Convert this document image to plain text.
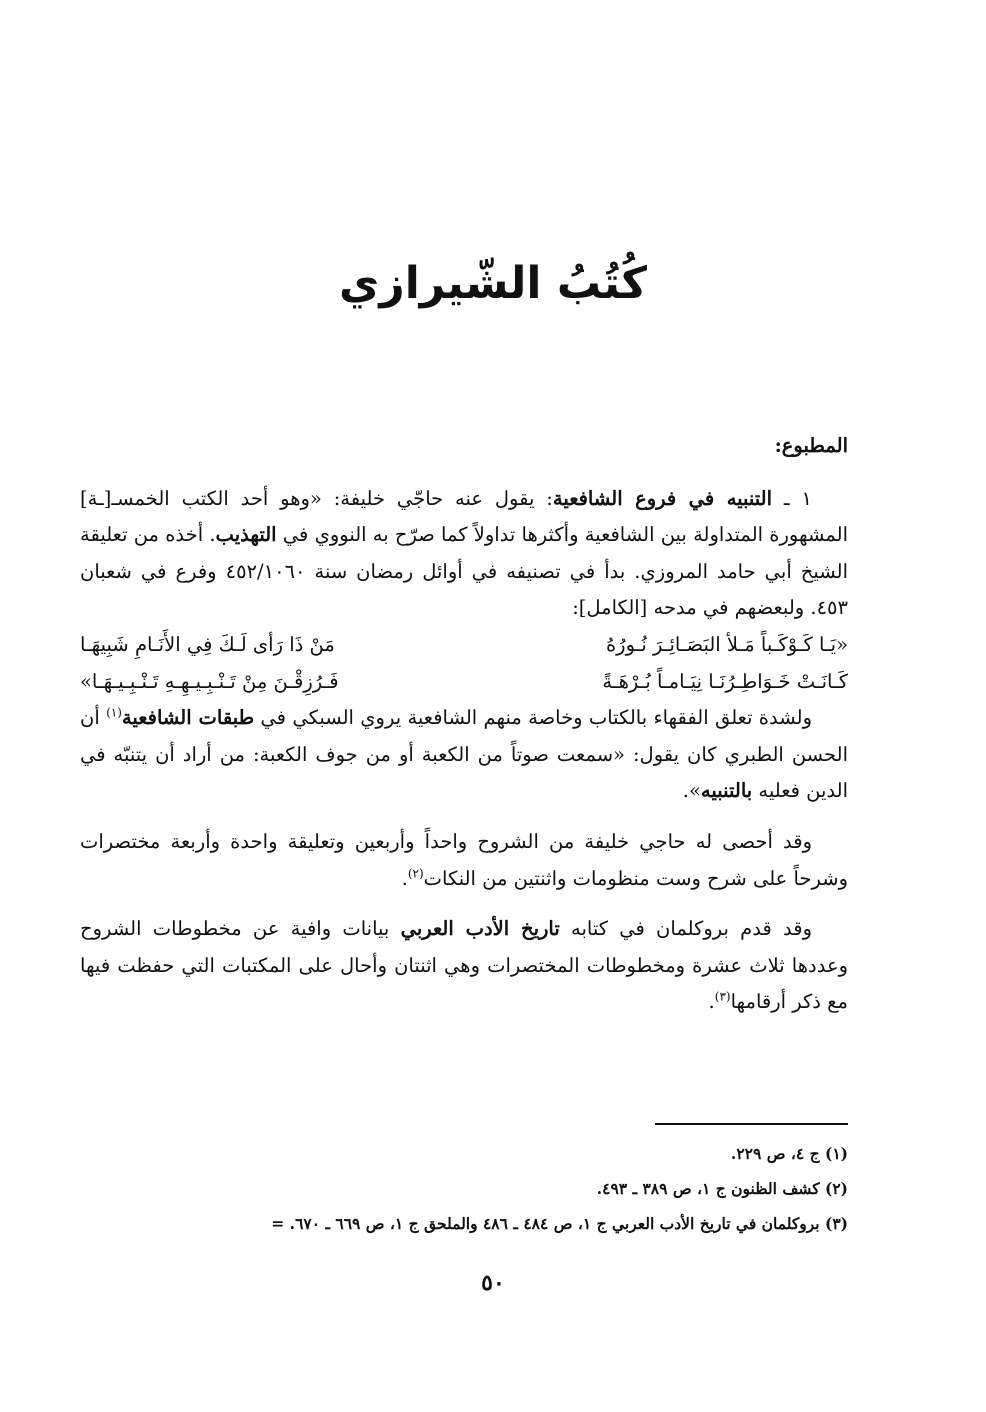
كُتُبُ الشّيرازي

المطبوع:

١ ـ التنبيه في فروع الشافعية: يقول عنه حاجّي خليفة: «وهو أحد الكتب الخمسـ[ـة] المشهورة المتداولة بين الشافعية وأكثرها تداولاً كما صرّح به النووي في التهذيب. أخذه من تعليقة الشيخ أبي حامد المروزي. بدأ في تصنيفه في أوائل رمضان سنة ٤٥٢/١٠٦٠ وفرع في شعبان ٤٥٣. ولبعضهم في مدحه [الكامل]:

«يَـا كَـوْكَـباً مَـلأ البَصَـائِـرَ نُـورُهُ
مَنْ ذَا رَأى لَـكَ فِي الأَنَـامِ شَبِيهَـا
كَـانَـتْ خَـوَاطِـرُنَـا نِيَـامـاً بُـرْهَـةً
فَـرُزِقْـنَ مِنْ تَـنْـبِـيـهِـهِ تَـنْـبِـيـهَـا»

ولشدة تعلق الفقهاء بالكتاب وخاصة منهم الشافعية يروي السبكي في طبقات الشافعية$^{(١)}$ أن الحسن الطبري كان يقول: «سمعت صوتاً من الكعبة أو من جوف الكعبة: من أراد أن يتنبّه في الدين فعليه بالتنبيه».

وقد أحصى له حاجي خليفة من الشروح واحداً وأربعين وتعليقة واحدة وأربعة مختصرات وشرحاً على شرح وست منظومات واثنتين من النكات$^{(٢)}$.

وقد قدم بروكلمان في كتابه تاريخ الأدب العربي بيانات وافية عن مخطوطات الشروح وعددها ثلاث عشرة ومخطوطات المختصرات وهي اثنتان وأحال على المكتبات التي حفظت فيها مع ذكر أرقامها$^{(٣)}$.

(١) ج ٤، ص ٢٢٩.
(٢) كشف الظنون ج ١، ص ٣٨٩ ـ ٤٩٣.
(٣) بروكلمان في تاريخ الأدب العربي ج ١، ص ٤٨٤ ـ ٤٨٦ والملحق ج ١، ص ٦٦٩ ـ ٦٧٠. =
٥٠
